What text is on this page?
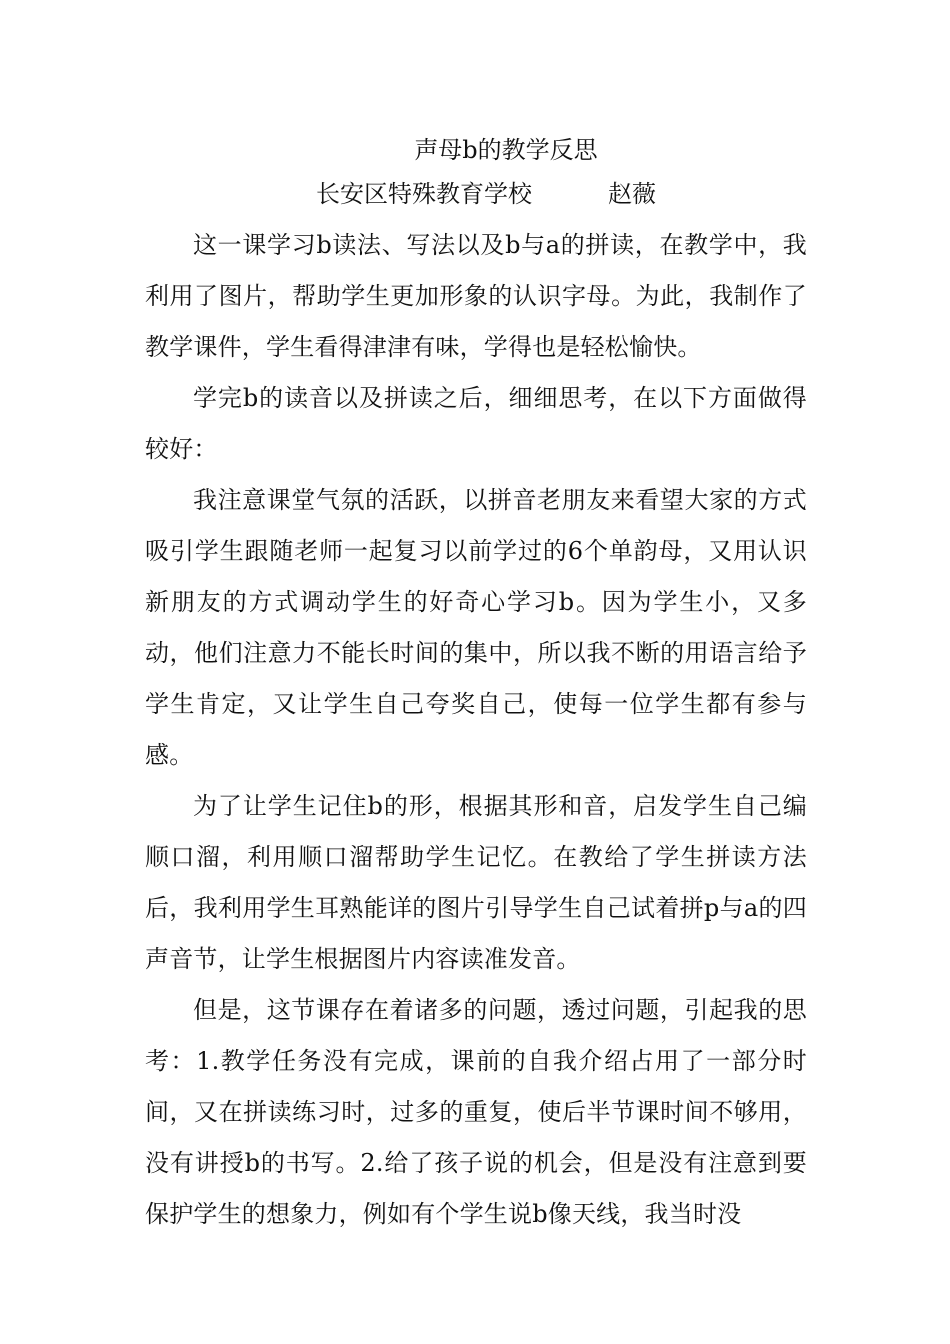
声母b的教学反思

长安区特殊教育学校	赵薇

这一课学习b读法、写法以及b与a的拼读，在教学中，我利用了图片，帮助学生更加形象的认识字母。为此，我制作了教学课件，学生看得津津有味，学得也是轻松愉快。

学完b的读音以及拼读之后，细细思考，在以下方面做得较好：

我注意课堂气氛的活跃，以拼音老朋友来看望大家的方式吸引学生跟随老师一起复习以前学过的6个单韵母，又用认识新朋友的方式调动学生的好奇心学习b。因为学生小，又多动，他们注意力不能长时间的集中，所以我不断的用语言给予学生肯定，又让学生自己夸奖自己，使每一位学生都有参与感。

为了让学生记住b的形，根据其形和音，启发学生自己编顺口溜，利用顺口溜帮助学生记忆。在教给了学生拼读方法后，我利用学生耳熟能详的图片引导学生自己试着拼p与a的四声音节，让学生根据图片内容读准发音。

但是，这节课存在着诸多的问题，透过问题，引起我的思考：1.教学任务没有完成，课前的自我介绍占用了一部分时间，又在拼读练习时，过多的重复，使后半节课时间不够用，没有讲授b的书写。2.给了孩子说的机会，但是没有注意到要保护学生的想象力，例如有个学生说b像天线，我当时没
